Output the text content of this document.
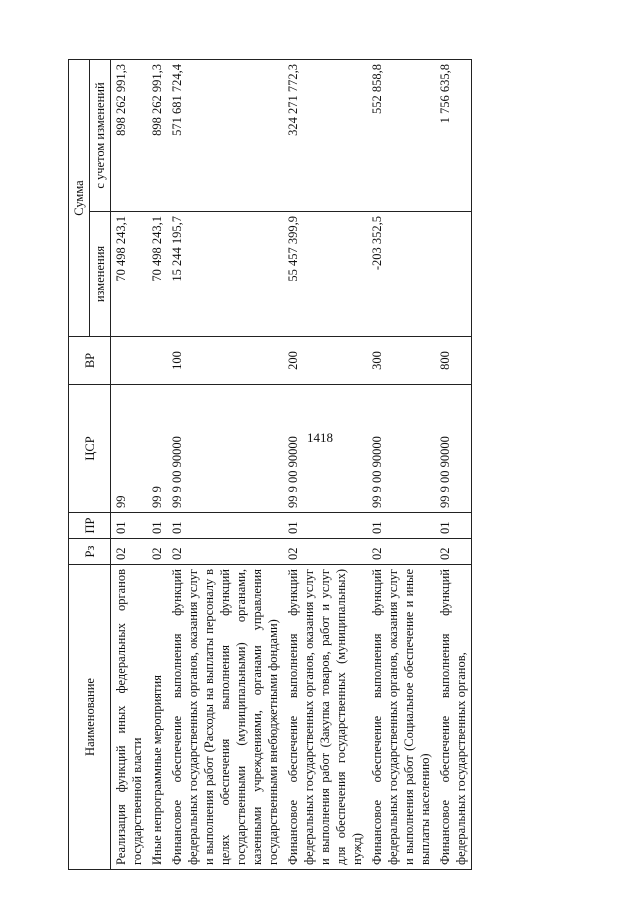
1418
Наименование	Рз	ПР	ЦСР	ВР	Сумма	
					изменения	с учетом изменений
Реализация функций иных федеральных органов государственной власти	02	01	99		70 498 243,1	898 262 991,3
Иные непрограммные мероприятия	02	01	99 9		70 498 243,1	898 262 991,3
Финансовое обеспечение выполнения функций федеральных государственных органов, оказания услуг и выполнения работ (Расходы на выплаты персоналу в целях обеспечения выполнения функций государственными (муниципальными) органами, казенными учреждениями, органами управления государственными внебюджетными фондами)	02	01	99 9 00 90000	100	15 244 195,7	571 681 724,4
Финансовое обеспечение выполнения функций федеральных государственных органов, оказания услуг и выполнения работ (Закупка товаров, работ и услуг для обеспечения государственных (муниципальных) нужд)	02	01	99 9 00 90000	200	55 457 399,9	324 271 772,3
Финансовое обеспечение выполнения функций федеральных государственных органов, оказания услуг и выполнения работ (Социальное обеспечение и иные выплаты населению)	02	01	99 9 00 90000	300	-203 352,5	552 858,8
Финансовое обеспечение выполнения функций федеральных государственных органов,	02	01	99 9 00 90000	800		1 756 635,8
